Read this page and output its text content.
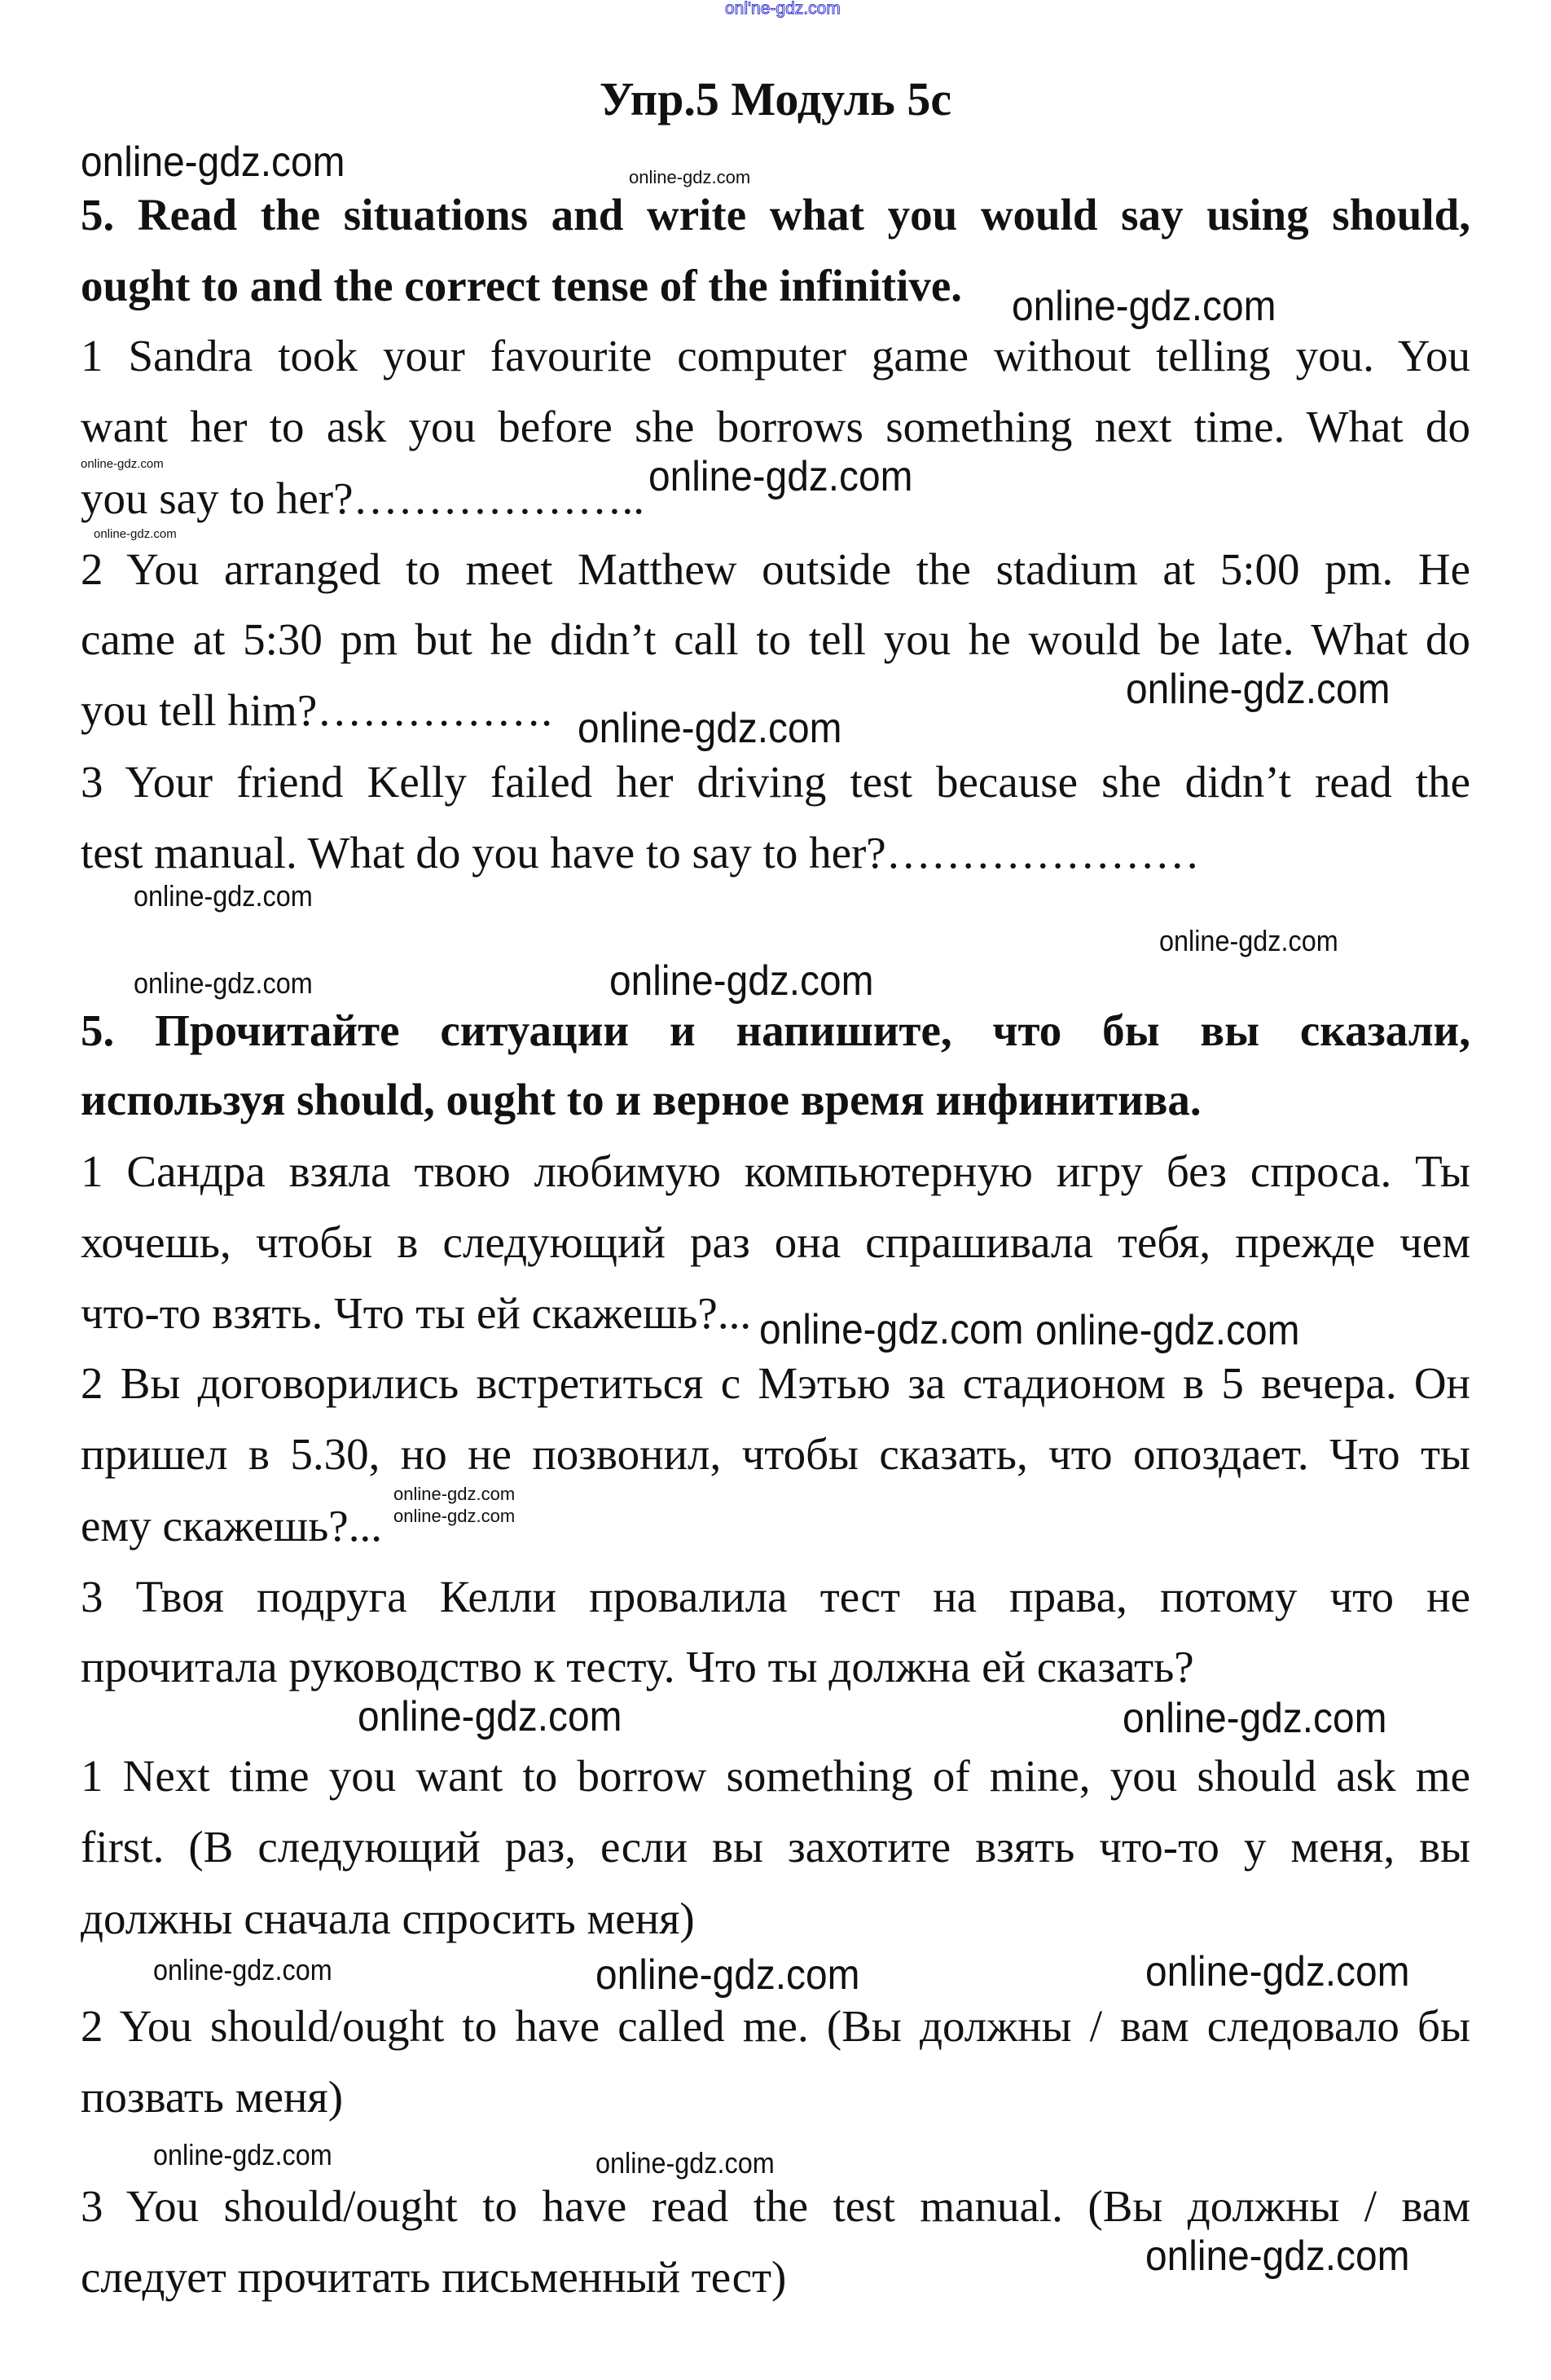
onl'ne-gdz.com
Упр.5 Модуль 5с
5. Read the situations and write what you would say using should,
ought to and the correct tense of the infinitive.
1 Sandra took your favourite computer game without telling you. You
want her to ask you before she borrows something next time. What do
you say to her?………………..
2 You arranged to meet Matthew outside the stadium at 5:00 pm. He
came at 5:30 pm but he didn’t call to tell you he would be late. What do
you tell him?…………….
3 Your friend Kelly failed her driving test because she didn’t read the
test manual. What do you have to say to her?…………………
5. Прочитайте ситуации и напишите, что бы вы сказали,
используя should, ought to и верное время инфинитива.
1 Сандра взяла твою любимую компьютерную игру без спроса. Ты
хочешь, чтобы в следующий раз она спрашивала тебя, прежде чем
что-то взять. Что ты ей скажешь?...
2 Вы договорились встретиться с Мэтью за стадионом в 5 вечера. Он
пришел в 5.30, но не позвонил, чтобы сказать, что опоздает. Что ты
ему скажешь?...
3 Твоя подруга Келли провалила тест на права, потому что не
прочитала руководство к тесту. Что ты должна ей сказать?
1 Next time you want to borrow something of mine, you should ask me
first. (В следующий раз, если вы захотите взять что-то у меня, вы
должны сначала спросить меня)
2 You should/ought to have called me. (Вы должны / вам следовало бы
позвать меня)
3 You should/ought to have read the test manual. (Вы должны / вам
следует прочитать письменный тест)
online-gdz.com	online-gdz.com
online-gdz.com
online-gdz.com	online-gdz.com
online-gdz.com
online-gdz.com
online-gdz.com
online-gdz.com
online-gdz.com
online-gdz.com	online-gdz.com
online-gdz.com
online-gdz.com online-gdz.com
online-gdz.com
online-gdz.com	online-gdz.com
online-gdz.com	online-gdz.com	online-gdz.com
online-gdz.com	online-gdz.com
online-gdz.com
